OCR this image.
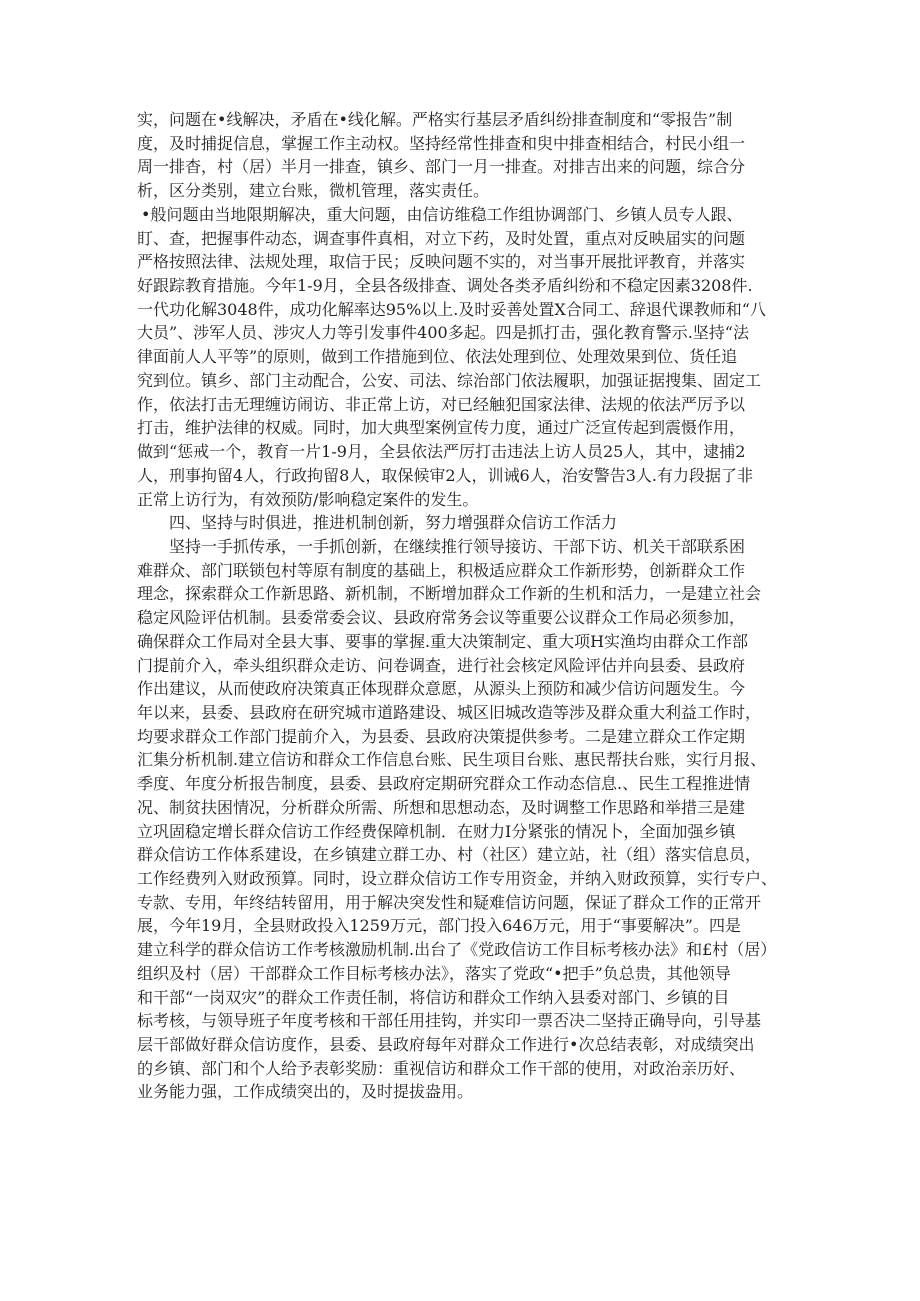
实，问题在•线解决，矛盾在•线化解。严格实行基层矛盾纠纷排查制度和“零报告”制
度，及时捕捉信息，掌握工作主动权。坚持经常性排查和臾中排查相结合，村民小组一
周一排杳，村（居）半月一排查，镇乡、部门一月一排查。对排吉出来的问题，综合分
析，区分类别，建立台账，微机管理，落实责任。
•般问题由当地限期解决，重大问题，由信访维稳工作组协调部门、乡镇人员专人跟、
盯、查，把握事件动态，调查事件真相，对立下药，及时处置，重点对反映届实的问题
严格按照法律、法规处理，取信于民；反映问题不实的，对当事开展批评教育，并落实
好跟踪教育措施。今年1-9月，全县各级排查、调处各类矛盾纠纷和不稳定因素3208件.
一代功化解3048件，成功化解率达95%以上.及时妥善处置X合同工、辞退代课教师和“八
大员”、涉军人员、涉灾人力等引发事件400多起。四是抓打击，强化教育警示.坚持“法
律面前人人平等”的原则，做到工作措施到位、依法处理到位、处理效果到位、货任追
究到位。镇乡、部门主动配合，公安、司法、综治部门依法履职，加强证据搜集、固定工
作，依法打击无理缠访闹访、非正常上访，对已经触犯国家法律、法规的依法严厉予以
打击，维护法律的权威。同时，加大典型案例宣传力度，通过广泛宣传起到震慑作用，
做到“惩戒一个，教育一片1-9月，全县依法严厉打击违法上访人员25人，其中，逮捕2
人，刑事拘留4人，行政拘留8人，取保候审2人，训诫6人，治安警告3人.有力段据了非
正常上访行为，有效预防/影响稳定案件的发生。
四、坚持与时俱进，推进机制创新，努力增强群众信访工作活力
坚持一手抓传承，一手抓创新，在继续推行领导接访、干部下访、机关干部联系困
难群众、部门联锁包村等原有制度的基础上，积极适应群众工作新形势，创新群众工作
理念，探索群众工作新思路、新机制，不断增加群众工作新的生机和活力，一是建立社会
稳定风险评估机制。县委常委会议、县政府常务会议等重要公议群众工作局必须参加，
确保群众工作局对全县大事、要事的掌握.重大决策制定、重大项H实渔均由群众工作部
门提前介入，牵头组织群众走访、问卷调查，进行社会核定风险评估并向县委、县政府
作出建议，从而使政府决策真正体现群众意愿，从源头上预防和减少信访问题发生。今
年以来，县委、县政府在研究城市道路建设、城区旧城改造等涉及群众重大利益工作时，
均要求群众工作部门提前介入，为县委、县政府决策提供参考。二是建立群众工作定期
汇集分析机制.建立信访和群众工作信息台账、民生项目台账、惠民帮扶台账，实行月报、
季度、年度分析报告制度，县委、县政府定期研究群众工作动态信息.、民生工程推进情
况、制贫扶困情况，分析群众所需、所想和思想动态，及时调整工作思路和举措三是建
立巩固稳定增长群众信访工作经费保障机制．在财力I分紧张的情况卜，全面加强乡镇
群众信访工作体系建设，在乡镇建立群工办、村（社区）建立站，社（组）落实信息员，
工作经费列入财政预算。同时，设立群众信访工作专用资金，并纳入财政预算，实行专户、
专款、专用，年终结转留用，用于解决突发性和疑难信访问题，保证了群众工作的正常开
展，今年19月，全县财政投入1259万元，部门投入646万元，用于“事要解决”。四是
建立科学的群众信访工作考核激励机制.出台了《党政信访工作目标考核办法》和£村（居）
组织及村（居）干部群众工作目标考核办法》，落实了党政“•把手”负总贵，其他领导
和干部“一岗双灾”的群众工作责任制，将信访和群众工作纳入县委对部门、乡镇的目
标考核，与领导班子年度考核和干部任用挂钩，并实印一票否决二坚持正确导向，引导基
层干部做好群众信访度作，县委、县政府每年对群众工作进行•次总结表彰，对成绩突出
的乡镇、部门和个人给予表彰奖励：重视信访和群众工作干部的使用，对政治亲历好、
业务能力强，工作成绩突出的，及时提拔盎用。
